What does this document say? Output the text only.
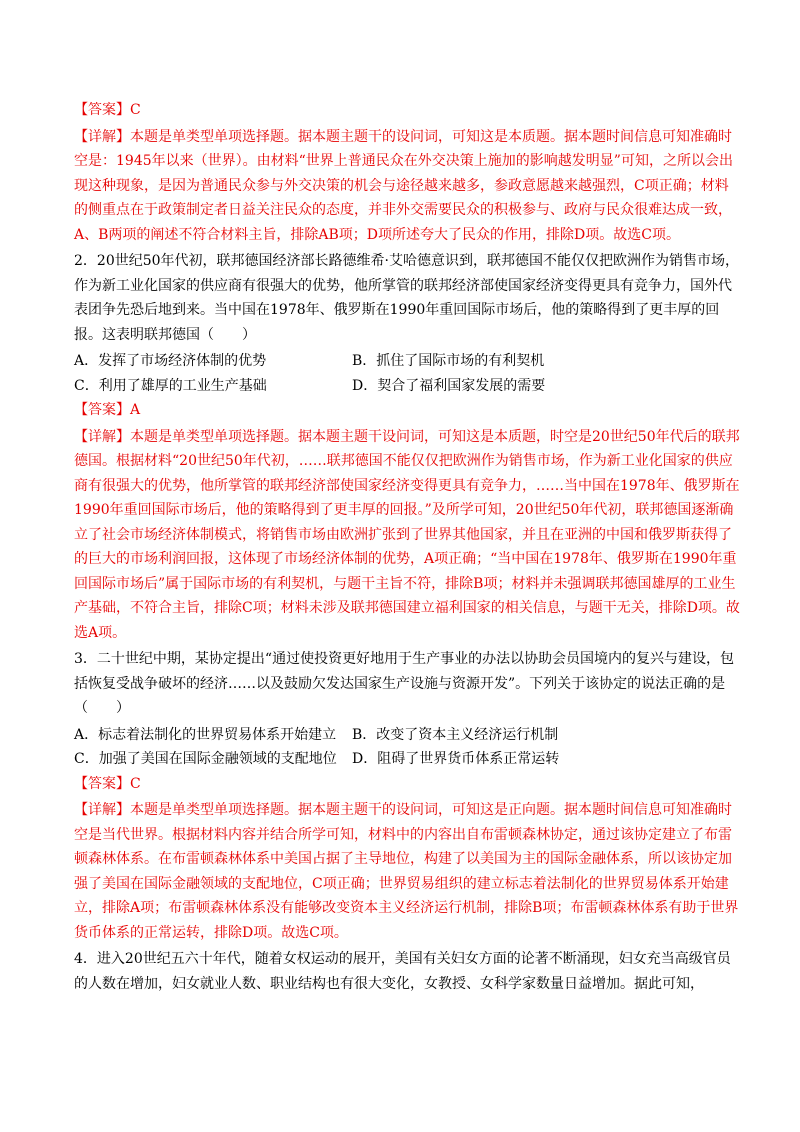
【答案】C
【详解】本题是单类型单项选择题。据本题主题干的设问词，可知这是本质题。据本题时间信息可知准确时空是：1945年以来（世界）。由材料“世界上普通民众在外交决策上施加的影响越发明显”可知，之所以会出现这种现象，是因为普通民众参与外交决策的机会与途径越来越多，参政意愿越来越强烈，C项正确；材料的侧重点在于政策制定者日益关注民众的态度，并非外交需要民众的积极参与、政府与民众很难达成一致，A、B两项的阐述不符合材料主旨，排除AB项；D项所述夸大了民众的作用，排除D项。故选C项。
2．20世纪50年代初，联邦德国经济部长路德维希·艾哈德意识到，联邦德国不能仅仅把欧洲作为销售市场，作为新工业化国家的供应商有很强大的优势，他所掌管的联邦经济部使国家经济变得更具有竞争力，国外代表团争先恐后地到来。当中国在1978年、俄罗斯在1990年重回国际市场后，他的策略得到了更丰厚的回报。这表明联邦德国（　　）
A．发挥了市场经济体制的优势	B．抓住了国际市场的有利契机
C．利用了雄厚的工业生产基础	D．契合了福利国家发展的需要
【答案】A
【详解】本题是单类型单项选择题。据本题主题干设问词，可知这是本质题，时空是20世纪50年代后的联邦德国。根据材料“20世纪50年代初，……联邦德国不能仅仅把欧洲作为销售市场，作为新工业化国家的供应商有很强大的优势，他所掌管的联邦经济部使国家经济变得更具有竞争力，……当中国在1978年、俄罗斯在1990年重回国际市场后，他的策略得到了更丰厚的回报。”及所学可知，20世纪50年代初，联邦德国逐渐确立了社会市场经济体制模式，将销售市场由欧洲扩张到了世界其他国家，并且在亚洲的中国和俄罗斯获得了的巨大的市场利润回报，这体现了市场经济体制的优势，A项正确；“当中国在1978年、俄罗斯在1990年重回国际市场后”属于国际市场的有利契机，与题干主旨不符，排除B项；材料并未强调联邦德国雄厚的工业生产基础，不符合主旨，排除C项；材料未涉及联邦德国建立福利国家的相关信息，与题干无关，排除D项。故选A项。
3．二十世纪中期，某协定提出“通过使投资更好地用于生产事业的办法以协助会员国境内的复兴与建设，包括恢复受战争破坏的经济……以及鼓励欠发达国家生产设施与资源开发”。下列关于该协定的说法正确的是（　　）
A．标志着法制化的世界贸易体系开始建立	B．改变了资本主义经济运行机制
C．加强了美国在国际金融领域的支配地位	D．阻碍了世界货币体系正常运转
【答案】C
【详解】本题是单类型单项选择题。据本题主题干的设问词，可知这是正向题。据本题时间信息可知准确时空是当代世界。根据材料内容并结合所学可知，材料中的内容出自布雷顿森林协定，通过该协定建立了布雷顿森林体系。在布雷顿森林体系中美国占据了主导地位，构建了以美国为主的国际金融体系，所以该协定加强了美国在国际金融领域的支配地位，C项正确；世界贸易组织的建立标志着法制化的世界贸易体系开始建立，排除A项；布雷顿森林体系没有能够改变资本主义经济运行机制，排除B项；布雷顿森林体系有助于世界货币体系的正常运转，排除D项。故选C项。
4．进入20世纪五六十年代，随着女权运动的展开，美国有关妇女方面的论著不断涌现，妇女充当高级官员的人数在增加，妇女就业人数、职业结构也有很大变化，女教授、女科学家数量日益增加。据此可知，
